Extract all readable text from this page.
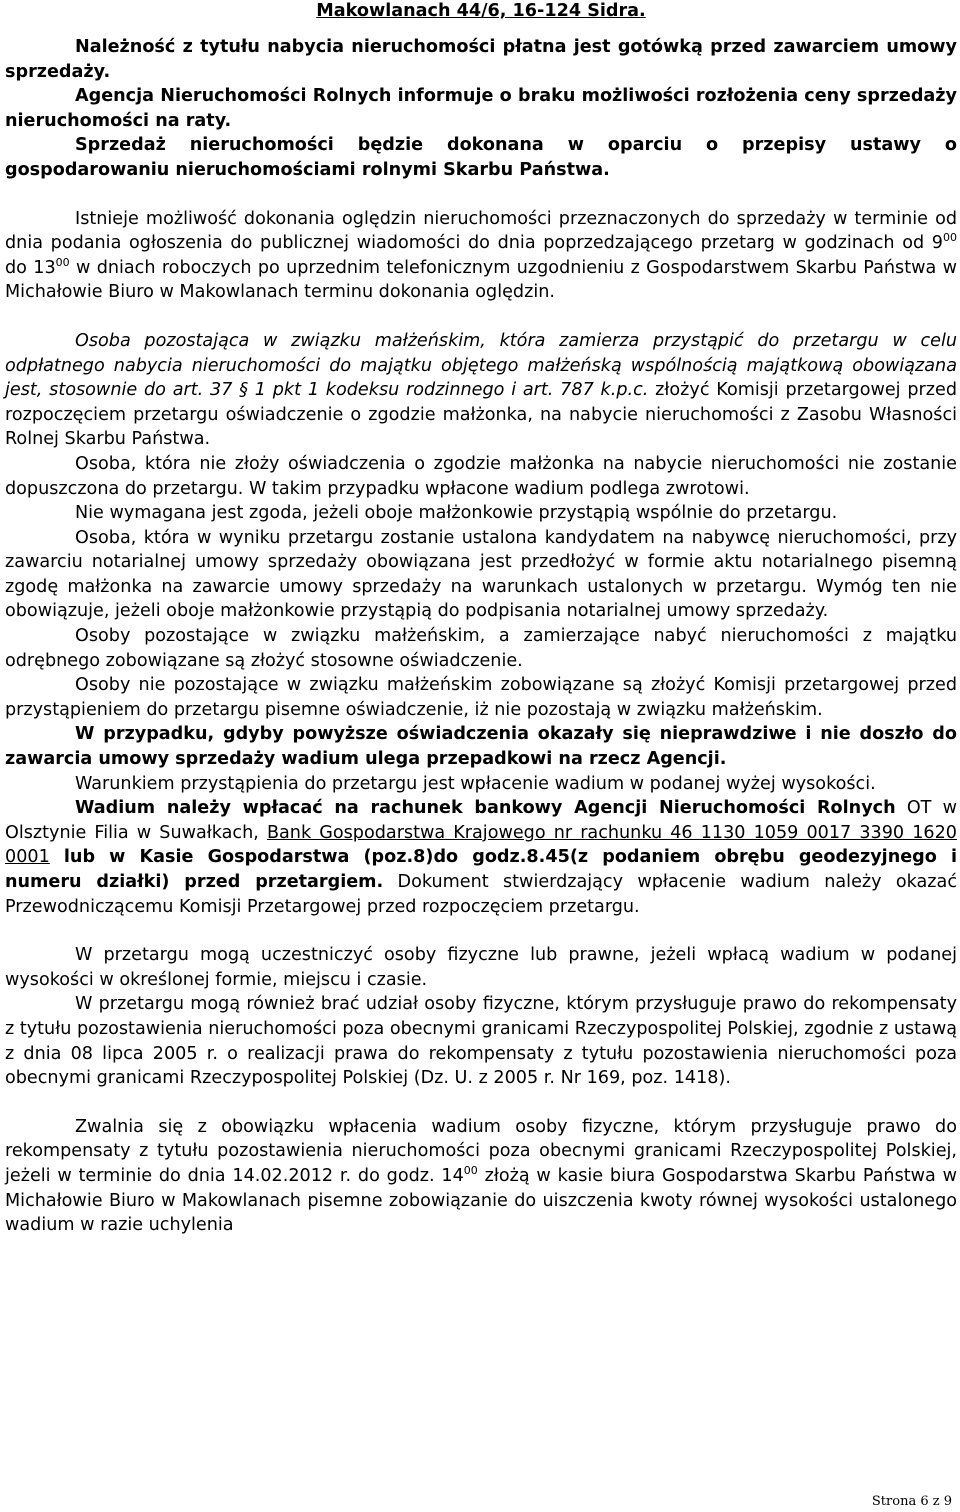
Makowlanach 44/6, 16-124 Sidra.

Należność z tytułu nabycia nieruchomości płatna jest gotówką przed zawarciem umowy sprzedaży.

Agencja Nieruchomości Rolnych informuje o braku możliwości rozłożenia ceny sprzedaży nieruchomości na raty.

Sprzedaż nieruchomości będzie dokonana w oparciu o przepisy ustawy o gospodarowaniu nieruchomościami rolnymi Skarbu Państwa.

Istnieje możliwość dokonania oględzin nieruchomości przeznaczonych do sprzedaży w terminie od dnia podania ogłoszenia do publicznej wiadomości do dnia poprzedzającego przetarg w godzinach od $9^{00}$ do $13^{00}$ w dniach roboczych po uprzednim telefonicznym uzgodnieniu z Gospodarstwem Skarbu Państwa w Michałowie Biuro w Makowlanach terminu dokonania oględzin.

Osoba pozostająca w związku małżeńskim, która zamierza przystąpić do przetargu w celu odpłatnego nabycia nieruchomości do majątku objętego małżeńską wspólnością majątkową obowiązana jest, stosownie do art. 37 § 1 pkt 1 kodeksu rodzinnego i art. 787 k.p.c. złożyć Komisji przetargowej przed rozpoczęciem przetargu oświadczenie o zgodzie małżonka, na nabycie nieruchomości z Zasobu Własności Rolnej Skarbu Państwa.

Osoba, która nie złoży oświadczenia o zgodzie małżonka na nabycie nieruchomości nie zostanie dopuszczona do przetargu. W takim przypadku wpłacone wadium podlega zwrotowi.

Nie wymagana jest zgoda, jeżeli oboje małżonkowie przystąpią wspólnie do przetargu.

Osoba, która w wyniku przetargu zostanie ustalona kandydatem na nabywcę nieruchomości, przy zawarciu notarialnej umowy sprzedaży obowiązana jest przedłożyć w formie aktu notarialnego pisemną zgodę małżonka na zawarcie umowy sprzedaży na warunkach ustalonych w przetargu. Wymóg ten nie obowiązuje, jeżeli oboje małżonkowie przystąpią do podpisania notarialnej umowy sprzedaży.

Osoby pozostające w związku małżeńskim, a zamierzające nabyć nieruchomości z majątku odrębnego zobowiązane są złożyć stosowne oświadczenie.

Osoby nie pozostające w związku małżeńskim zobowiązane są złożyć Komisji przetargowej przed przystąpieniem do przetargu pisemne oświadczenie, iż nie pozostają w związku małżeńskim.

W przypadku, gdyby powyższe oświadczenia okazały się nieprawdziwe i nie doszło do zawarcia umowy sprzedaży wadium ulega przepadkowi na rzecz Agencji.

Warunkiem przystąpienia do przetargu jest wpłacenie wadium w podanej wyżej wysokości.

Wadium należy wpłacać na rachunek bankowy Agencji Nieruchomości Rolnych OT w Olsztynie Filia w Suwałkach, Bank Gospodarstwa Krajowego nr rachunku 46 1130 1059 0017 3390 1620 0001 lub w Kasie Gospodarstwa (poz.8)do godz.8.45(z podaniem obrębu geodezyjnego i numeru działki) przed przetargiem. Dokument stwierdzający wpłacenie wadium należy okazać Przewodniczącemu Komisji Przetargowej przed rozpoczęciem przetargu.

W przetargu mogą uczestniczyć osoby fizyczne lub prawne, jeżeli wpłacą wadium w podanej wysokości w określonej formie, miejscu i czasie.

W przetargu mogą również brać udział osoby fizyczne, którym przysługuje prawo do rekompensaty z tytułu pozostawienia nieruchomości poza obecnymi granicami Rzeczypospolitej Polskiej, zgodnie z ustawą z dnia 08 lipca 2005 r. o realizacji prawa do rekompensaty z tytułu pozostawienia nieruchomości poza obecnymi granicami Rzeczypospolitej Polskiej (Dz. U. z 2005 r. Nr 169, poz. 1418).

Zwalnia się z obowiązku wpłacenia wadium osoby fizyczne, którym przysługuje prawo do rekompensaty z tytułu pozostawienia nieruchomości poza obecnymi granicami Rzeczypospolitej Polskiej, jeżeli w terminie do dnia 14.02.2012 r. do godz. $14^{00}$ złożą w kasie biura Gospodarstwa Skarbu Państwa w Michałowie Biuro w Makowlanach pisemne zobowiązanie do uiszczenia kwoty równej wysokości ustalonego wadium w razie uchylenia

Strona 6 z 9
